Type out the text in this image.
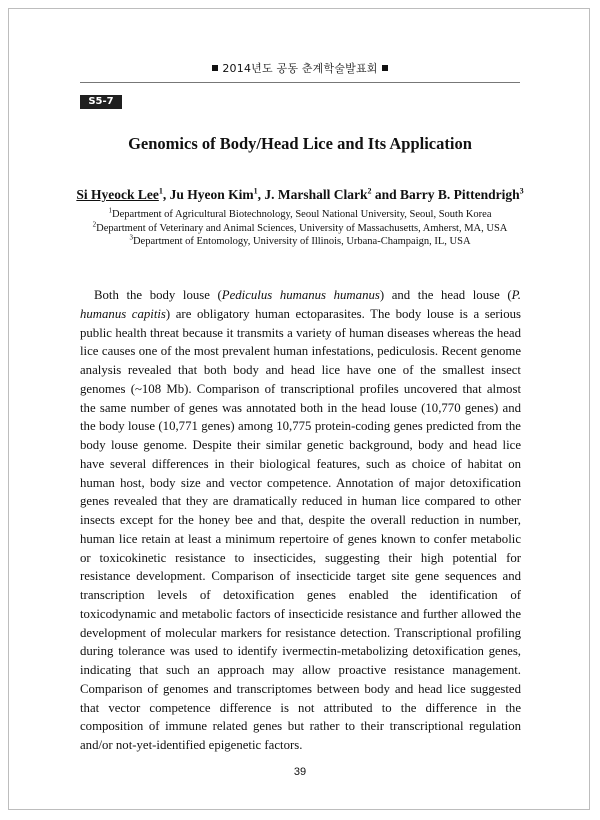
2014년도 공동 춘계학술발표회
S5-7
Genomics of Body/Head Lice and Its Application
Si Hyeock Lee$^1$, Ju Hyeon Kim$^1$, J. Marshall Clark$^2$ and Barry B. Pittendrigh$^3$
$^1$Department of Agricultural Biotechnology, Seoul National University, Seoul, South Korea
$^2$Department of Veterinary and Animal Sciences, University of Massachusetts, Amherst, MA, USA
$^3$Department of Entomology, University of Illinois, Urbana-Champaign, IL, USA

Both the body louse (Pediculus humanus humanus) and the head louse (P. humanus capitis) are obligatory human ectoparasites. The body louse is a serious public health threat because it transmits a variety of human diseases whereas the head lice causes one of the most prevalent human infestations, pediculosis. Recent genome analysis revealed that both body and head lice have one of the smallest insect genomes (~108 Mb). Comparison of transcriptional profiles uncovered that almost the same number of genes was annotated both in the head louse (10,770 genes) and the body louse (10,771 genes) among 10,775 protein-coding genes predicted from the body louse genome. Despite their similar genetic background, body and head lice have several differences in their biological features, such as choice of habitat on human host, body size and vector competence. Annotation of major detoxification genes revealed that they are dramatically reduced in human lice compared to other insects except for the honey bee and that, despite the overall reduction in number, human lice retain at least a minimum repertoire of genes known to confer metabolic or toxicokinetic resistance to insecticides, suggesting their high potential for resistance development. Comparison of insecticide target site gene sequences and transcription levels of detoxification genes enabled the identification of toxicodynamic and metabolic factors of insecticide resistance and further allowed the development of molecular markers for resistance detection. Transcriptional profiling during tolerance was used to identify ivermectin-metabolizing detoxification genes, indicating that such an approach may allow proactive resistance management. Comparison of genomes and transcriptomes between body and head lice suggested that vector competence difference is not attributed to the difference in the composition of immune related genes but rather to their transcriptional regulation and/or not-yet-identified epigenetic factors.

39
